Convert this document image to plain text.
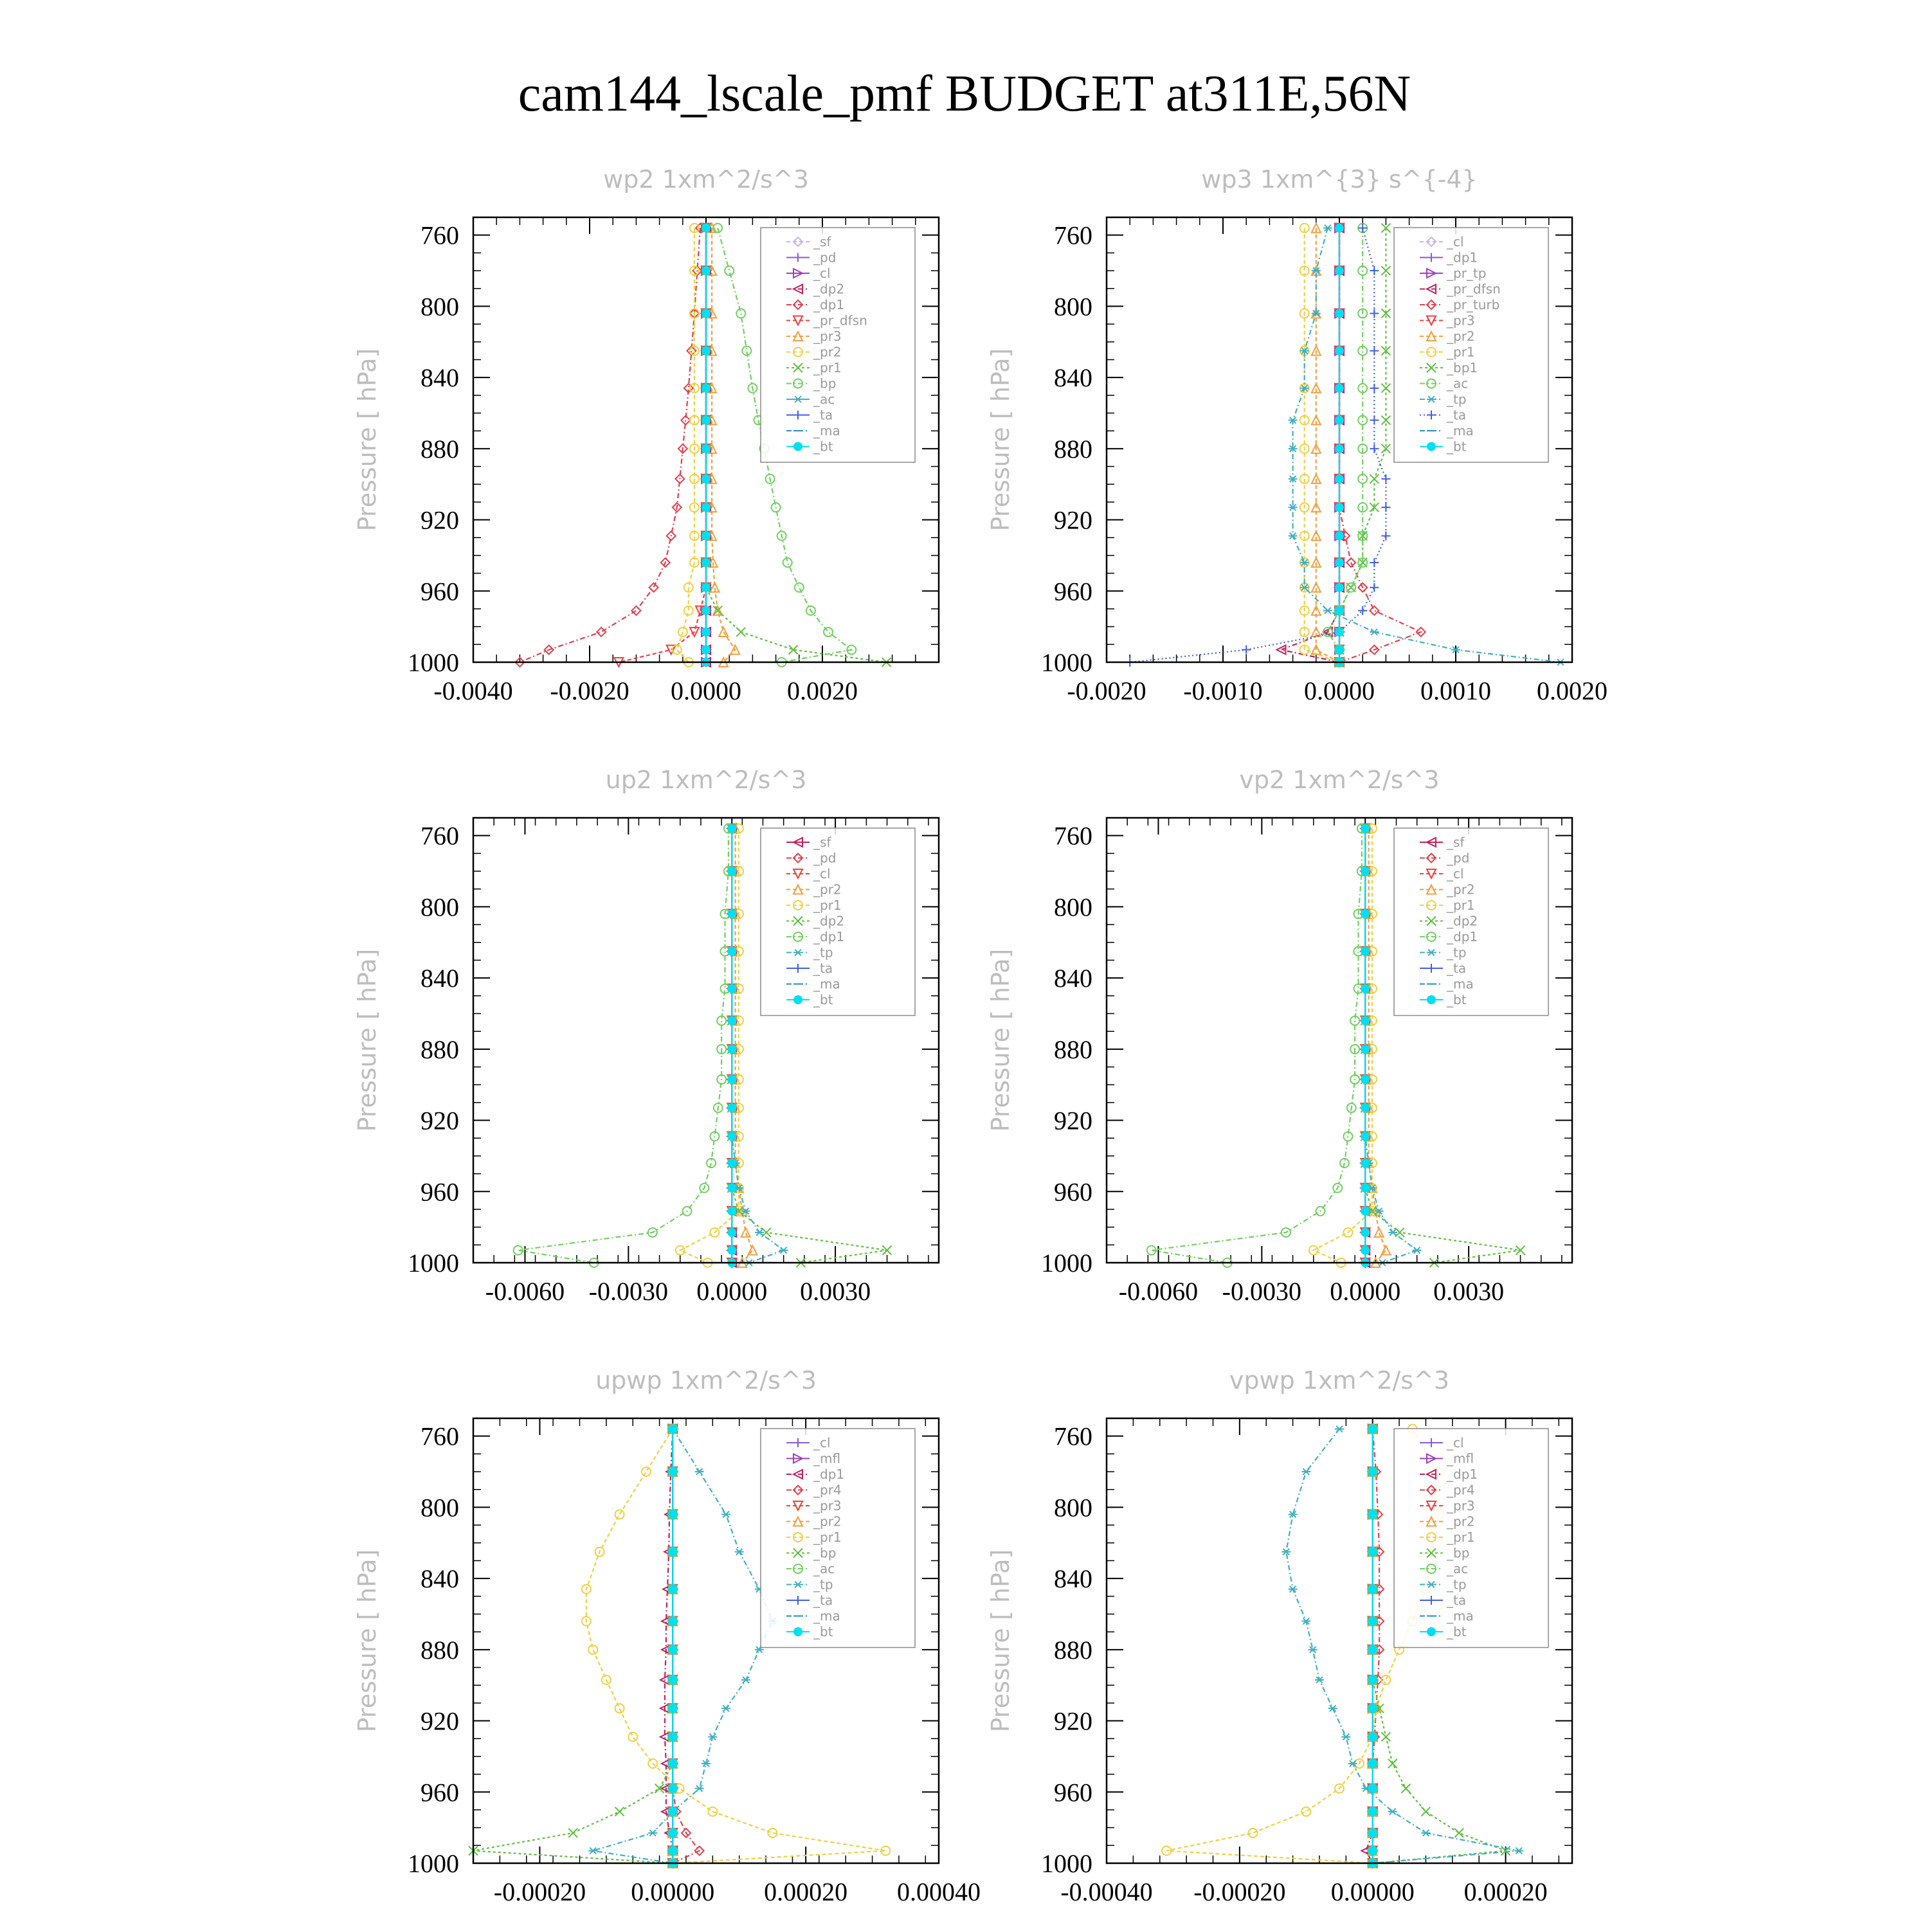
cam144_lscale_pmf BUDGET at311E,56N
wp2 1xm^2/s^3
Pressure [ hPa]
760
800
840
880
920
960
1000
-0.0040 -0.0020 0.0000 0.0020
_sf
_pd
_cl
_dp2
_dp1
_pr_dfsn
_pr3
_pr2
_pr1
_bp
_ac
_ta
_ma
_bt
wp3 1xm^{3} s^{-4}
Pressure [ hPa]
760
800
840
880
920
960
1000
-0.0020 -0.0010 0.0000 0.0010 0.0020
_cl
_dp1
_pr_tp
_pr_dfsn
_pr_turb
_pr3
_pr2
_pr1
_bp1
_ac
_tp
_ta
_ma
_bt
up2 1xm^2/s^3
Pressure [ hPa]
760
800
840
880
920
960
1000
-0.0060 -0.0030 0.0000 0.0030
_sf
_pd
_cl
_pr2
_pr1
_dp2
_dp1
_tp
_ta
_ma
_bt
vp2 1xm^2/s^3
Pressure [ hPa]
760
800
840
880
920
960
1000
-0.0060 -0.0030 0.0000 0.0030
_sf
_pd
_cl
_pr2
_pr1
_dp2
_dp1
_tp
_ta
_ma
_bt
upwp 1xm^2/s^3
Pressure [ hPa]
760
800
840
880
920
960
1000
-0.00020 0.00000 0.00020 0.00040
_cl
_mfl
_dp1
_pr4
_pr3
_pr2
_pr1
_bp
_ac
_tp
_ta
_ma
_bt
vpwp 1xm^2/s^3
Pressure [ hPa]
760
800
840
880
920
960
1000
-0.00040 -0.00020 0.00000 0.00020
_cl
_mfl
_dp1
_pr4
_pr3
_pr2
_pr1
_bp
_ac
_tp
_ta
_ma
_bt
